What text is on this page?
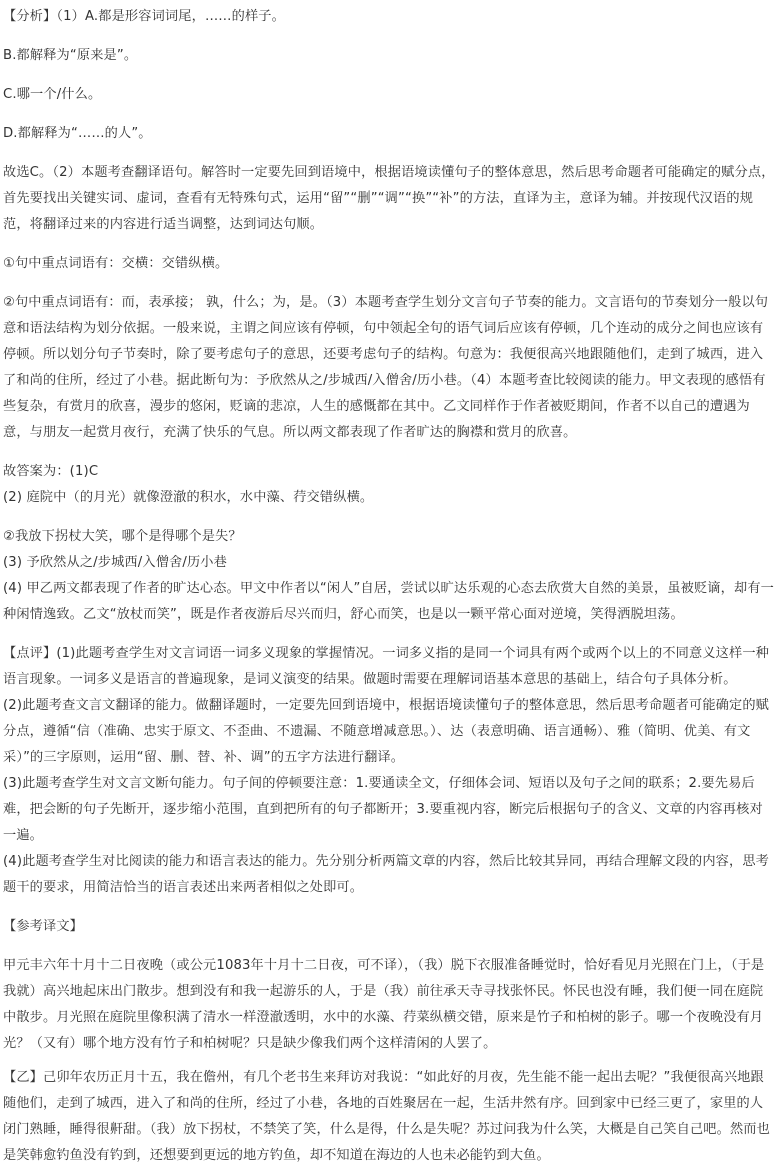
【分析】（1）A.都是形容词词尾，……的样子。

B.都解释为“原来是”。

C.哪一个/什么。

D.都解释为“……的人”。

故选C。（2）本题考查翻译语句。解答时一定要先回到语境中，根据语境读懂句子的整体意思，然后思考命题者可能确定的赋分点，首先要找出关键实词、虚词，查看有无特殊句式，运用“留”“删”“调”“换”“补”的方法，直译为主，意译为辅。并按现代汉语的规范，将翻译过来的内容进行适当调整，达到词达句顺。

①句中重点词语有：交横：交错纵横。

②句中重点词语有：而，表承接； 孰，什么；为，是。（3）本题考查学生划分文言句子节奏的能力。文言语句的节奏划分一般以句意和语法结构为划分依据。一般来说，主谓之间应该有停顿，句中领起全句的语气词后应该有停顿，几个连动的成分之间也应该有停顿。所以划分句子节奏时，除了要考虑句子的意思，还要考虑句子的结构。句意为：我便很高兴地跟随他们，走到了城西，进入了和尚的住所，经过了小巷。据此断句为：予欣然从之/步城西/入僧舍/历小巷。（4）本题考查比较阅读的能力。甲文表现的感悟有些复杂，有赏月的欣喜，漫步的悠闲，贬谪的悲凉，人生的感慨都在其中。乙文同样作于作者被贬期间，作者不以自己的遭遇为意，与朋友一起赏月夜行，充满了快乐的气息。所以两文都表现了作者旷达的胸襟和赏月的欣喜。

故答案为：(1)C

(2) 庭院中（的月光）就像澄澈的积水，水中藻、荇交错纵横。

②我放下拐杖大笑，哪个是得哪个是失？

(3) 予欣然从之/步城西/入僧舍/历小巷

(4) 甲乙两文都表现了作者的旷达心态。甲文中作者以“闲人”自居，尝试以旷达乐观的心态去欣赏大自然的美景，虽被贬谪，却有一种闲情逸致。乙文“放杖而笑”，既是作者夜游后尽兴而归，舒心而笑，也是以一颗平常心面对逆境，笑得洒脱坦荡。

【点评】(1)此题考查学生对文言词语一词多义现象的掌握情况。一词多义指的是同一个词具有两个或两个以上的不同意义这样一种语言现象。一词多义是语言的普遍现象，是词义演变的结果。做题时需要在理解词语基本意思的基础上，结合句子具体分析。

(2)此题考查文言文翻译的能力。做翻译题时，一定要先回到语境中，根据语境读懂句子的整体意思，然后思考命题者可能确定的赋分点，遵循“信（准确、忠实于原文、不歪曲、不遗漏、不随意增减意思。）、达（表意明确、语言通畅）、雅（简明、优美、有文采）”的三字原则，运用“留、删、替、补、调”的五字方法进行翻译。

(3)此题考查学生对文言文断句能力。句子间的停顿要注意：1.要通读全文，仔细体会词、短语以及句子之间的联系；2.要先易后难，把会断的句子先断开，逐步缩小范围，直到把所有的句子都断开；3.要重视内容，断完后根据句子的含义、文章的内容再核对一遍。

(4)此题考查学生对比阅读的能力和语言表达的能力。先分别分析两篇文章的内容，然后比较其异同，再结合理解文段的内容，思考题干的要求，用简洁恰当的语言表述出来两者相似之处即可。

【参考译文】

甲元丰六年十月十二日夜晚（或公元1083年十月十二日夜，可不译），（我）脱下衣服准备睡觉时，恰好看见月光照在门上，（于是我就）高兴地起床出门散步。想到没有和我一起游乐的人，于是（我）前往承天寺寻找张怀民。怀民也没有睡，我们便一同在庭院中散步。月光照在庭院里像积满了清水一样澄澈透明，水中的水藻、荇菜纵横交错，原来是竹子和柏树的影子。哪一个夜晚没有月光？（又有）哪个地方没有竹子和柏树呢？只是缺少像我们两个这样清闲的人罢了。

【乙】己卯年农历正月十五，我在儋州，有几个老书生来拜访对我说：“如此好的月夜，先生能不能一起出去呢？”我便很高兴地跟随他们，走到了城西，进入了和尚的住所，经过了小巷，各地的百姓聚居在一起，生活井然有序。回到家中已经三更了，家里的人闭门熟睡，睡得很鼾甜。（我）放下拐杖，不禁笑了笑，什么是得，什么是失呢？苏过问我为什么笑，大概是自己笑自己吧。然而也是笑韩愈钓鱼没有钓到，还想要到更远的地方钓鱼，却不知道在海边的人也未必能钓到大鱼。
